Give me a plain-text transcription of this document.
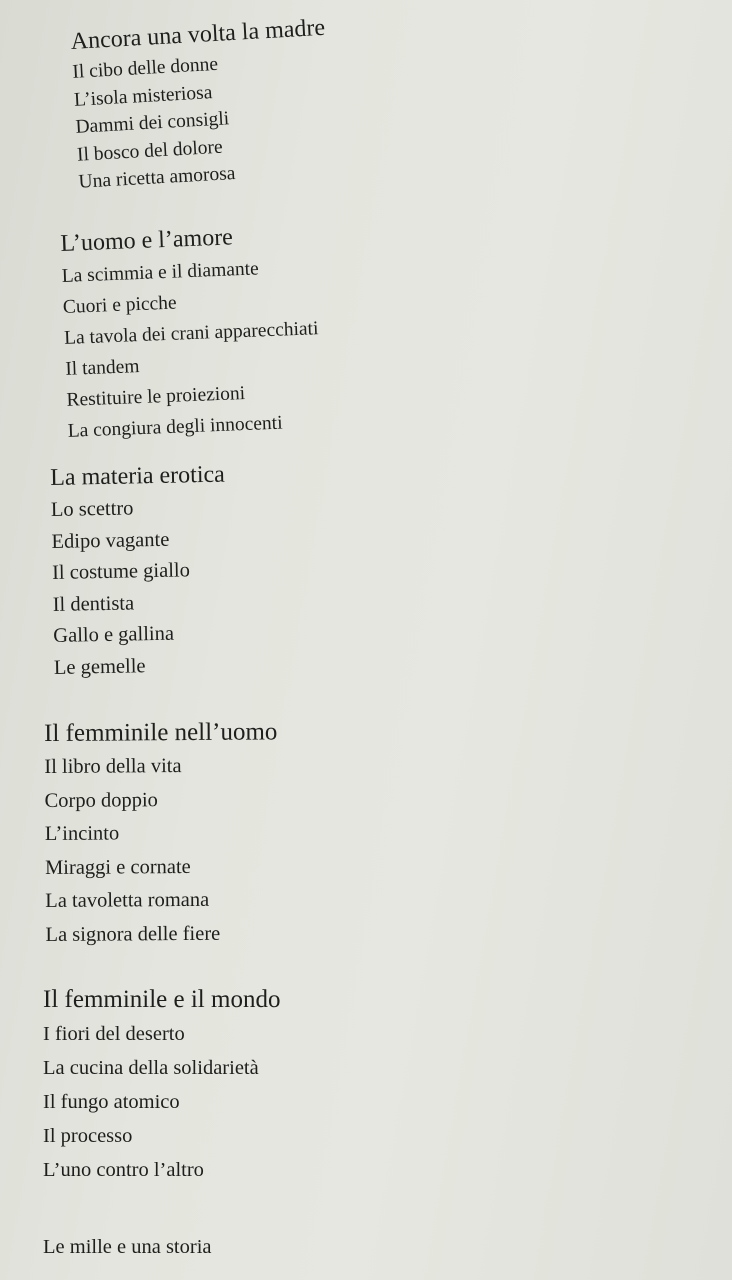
Ancora una volta la madre

Il cibo delle donne

L’isola misteriosa

Dammi dei consigli

Il bosco del dolore

Una ricetta amorosa

L’uomo e l’amore

La scimmia e il diamante

Cuori e picche

La tavola dei crani apparecchiati

Il tandem

Restituire le proiezioni

La congiura degli innocenti

La materia erotica

Lo scettro

Edipo vagante

Il costume giallo

Il dentista

Gallo e gallina

Le gemelle

Il femminile nell’uomo

Il libro della vita

Corpo doppio

L’incinto

Miraggi e cornate

La tavoletta romana

La signora delle fiere

Il femminile e il mondo

I fiori del deserto

La cucina della solidarietà

Il fungo atomico

Il processo

L’uno contro l’altro

Le mille e una storia
